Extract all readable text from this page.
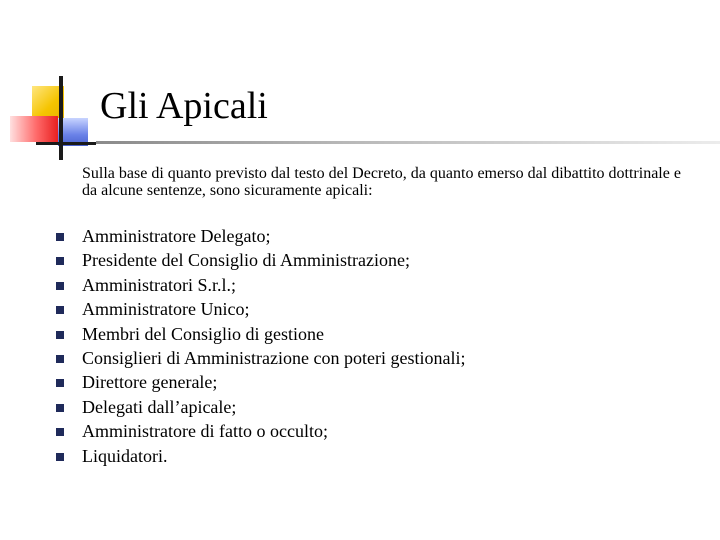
Gli Apicali
Sulla base di quanto previsto dal testo del Decreto, da quanto emerso dal dibattito dottrinale e da alcune sentenze, sono sicuramente apicali:
Amministratore Delegato;
Presidente del Consiglio di Amministrazione;
Amministratori S.r.l.;
Amministratore Unico;
Membri del Consiglio di gestione
Consiglieri di Amministrazione con poteri gestionali;
Direttore generale;
Delegati dall’apicale;
Amministratore di fatto o occulto;
Liquidatori.
